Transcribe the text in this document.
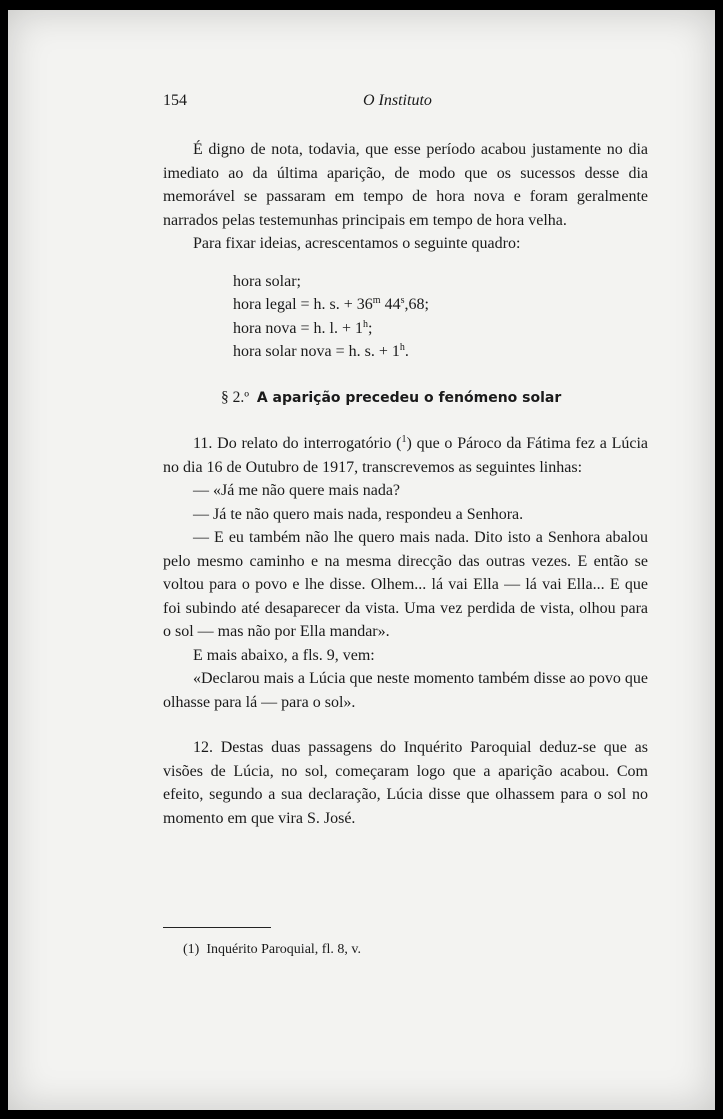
154	O Instituto

É digno de nota, todavia, que esse período acabou justamente no dia imediato ao da última aparição, de modo que os sucessos desse dia memorável se passaram em tempo de hora nova e foram geralmente narrados pelas testemunhas principais em tempo de hora velha.

Para fixar ideias, acrescentamos o seguinte quadro:

hora solar;
hora legal = h. s. + $36^m$ 44$^s$,68;
hora nova = h. l. + $1^h$;
hora solar nova = h. s. + $1^h$.
§ 2.º A aparição precedeu o fenómeno solar

11. Do relato do interrogatório ($^1$) que o Pároco da Fátima fez a Lúcia no dia 16 de Outubro de 1917, transcrevemos as seguintes linhas:

— «Já me não quere mais nada?

— Já te não quero mais nada, respondeu a Senhora.

— E eu também não lhe quero mais nada. Dito isto a Senhora abalou pelo mesmo caminho e na mesma direcção das outras vezes. E então se voltou para o povo e lhe disse. Olhem... lá vai Ella — lá vai Ella... E que foi subindo até desaparecer da vista. Uma vez perdida de vista, olhou para o sol — mas não por Ella mandar».

E mais abaixo, a fls. 9, vem:

«Declarou mais a Lúcia que neste momento também disse ao povo que olhasse para lá — para o sol».

12. Destas duas passagens do Inquérito Paroquial deduz-se que as visões de Lúcia, no sol, começaram logo que a aparição acabou. Com efeito, segundo a sua declaração, Lúcia disse que olhassem para o sol no momento em que vira S. José.

(1) Inquérito Paroquial, fl. 8, v.
